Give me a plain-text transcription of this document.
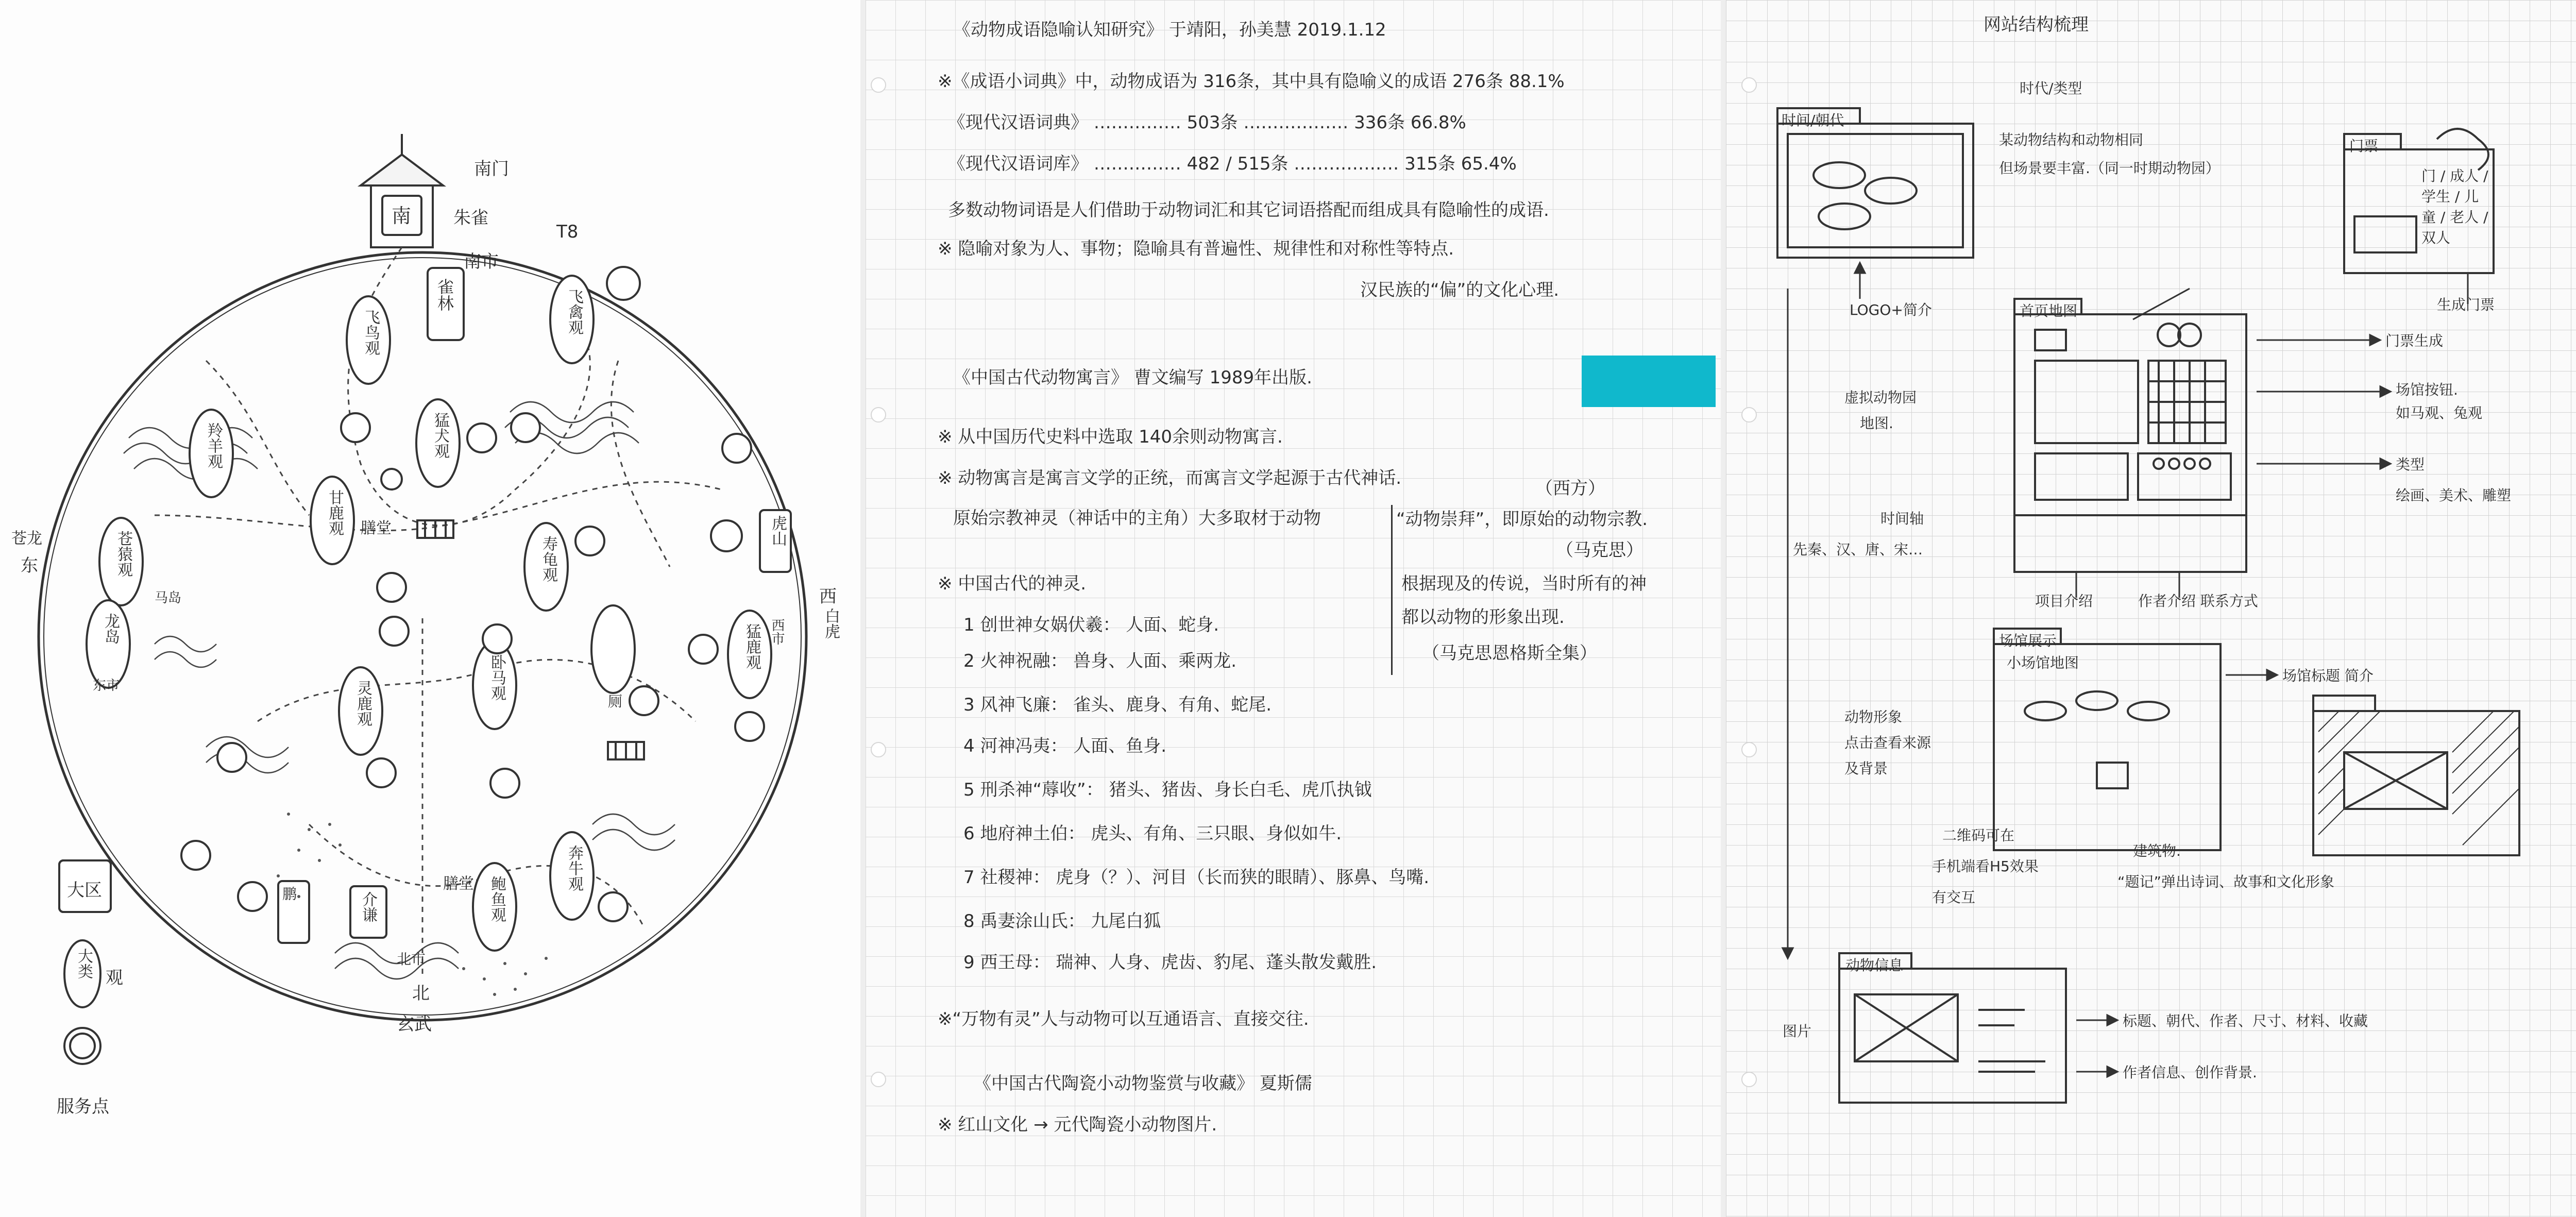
南
雀林
飞鸟观	飞禽观
猛犬观
羚羊观
甘鹿观 膳堂
寿龟观
苍猿观
马岛
龙岛
东市
西市
灵鹿观
猛鹿观
虎山
卧马观
鲍鱼观
奔牛观
膳堂
介谦
北市
厕
鹏
南门
朱雀
T8
南市
西
白虎
苍龙
东
北
玄武
大区
大类 观
服务点
《动物成语隐喻认知研究》 于靖阳，孙美慧 2019.1.12
※《成语小词典》中，动物成语为 316条，其中具有隐喻义的成语 276条 88.1%
《现代汉语词典》 …………… 503条 ……………… 336条 66.8%
《现代汉语词库》 …………… 482 / 515条 ……………… 315条 65.4%
多数动物词语是人们借助于动物词汇和其它词语搭配而组成具有隐喻性的成语.
※ 隐喻对象为人、事物；隐喻具有普遍性、规律性和对称性等特点.
汉民族的“偏”的文化心理.
《中国古代动物寓言》 曹文编写 1989年出版.
※ 从中国历代史料中选取 140余则动物寓言.
※ 动物寓言是寓言文学的正统，而寓言文学起源于古代神话.
原始宗教神灵（神话中的主角）大多取材于动物
（西方）
“动物崇拜”，即原始的动物宗教.
（马克思）
根据现及的传说，当时所有的神
都以动物的形象出现.
（马克思恩格斯全集）
※ 中国古代的神灵.
1 创世神女娲伏羲： 人面、蛇身.
2 火神祝融： 兽身、人面、乘两龙.
3 风神飞廉： 雀头、鹿身、有角、蛇尾.
4 河神冯夷： 人面、鱼身.
5 刑杀神“蓐收”： 猪头、猪齿、身长白毛、虎爪执钺
6 地府神土伯： 虎头、有角、三只眼、身似如牛.
7 社稷神： 虎身（？）、河目（长而狭的眼睛）、豚鼻、鸟嘴.
8 禹妻涂山氏： 九尾白狐
9 西王母： 瑞神、人身、虎齿、豹尾、蓬头散发戴胜.
※“万物有灵”人与动物可以互通语言、直接交往.
《中国古代陶瓷小动物鉴赏与收藏》 夏斯儒
※ 红山文化 → 元代陶瓷小动物图片.
网站结构梳理
时间/朝代
时代/类型
某动物结构和动物相同
但场景要丰富.（同一时期动物园）
门票
门 / 成人 / 学生 / 儿童 / 老人 / 双人
生成门票
首页地图
LOGO+简介
门票生成
虚拟动物园
地图.
场馆按钮.
如马观、兔观
类型
绘画、美术、雕塑
时间轴
先秦、汉、唐、宋…
项目介绍	作者介绍 联系方式
场馆展示
小场馆地图
场馆标题 简介
动物形象
点击查看来源
及背景
二维码可在
手机端看H5效果
有交互
建筑物.
“题记”弹出诗词、故事和文化形象
动物信息
图片
标题、朝代、作者、尺寸、材料、收藏
作者信息、创作背景.
